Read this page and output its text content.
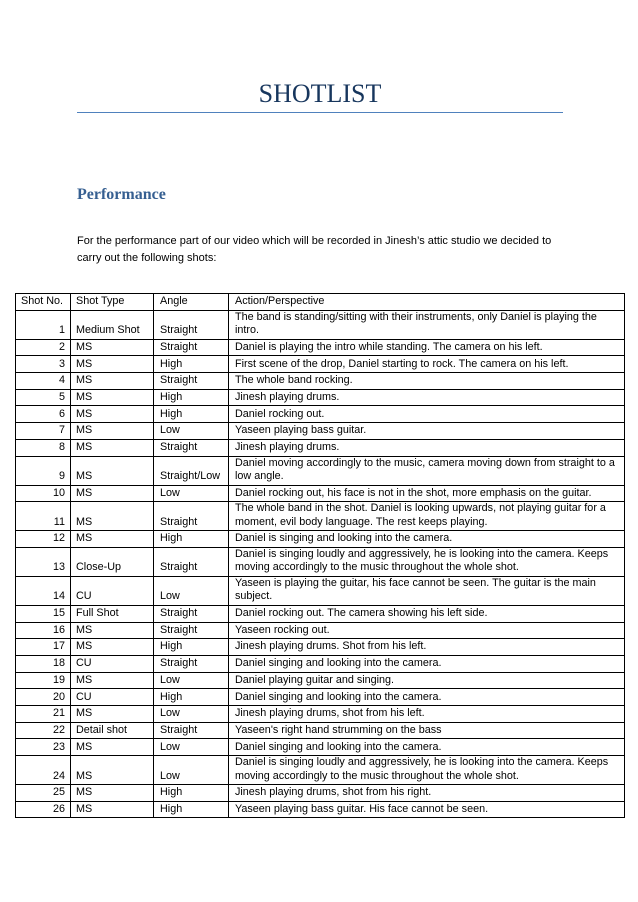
SHOTLIST
Performance

For the performance part of our video which will be recorded in Jinesh’s attic studio we decided to carry out the following shots:

Shot No.	Shot Type	Angle	Action/Perspective
1	Medium Shot	Straight	The band is standing/sitting with their instruments, only Daniel is playing the intro.
2	MS	Straight	Daniel is playing the intro while standing. The camera on his left.
3	MS	High	First scene of the drop, Daniel starting to rock. The camera on his left.
4	MS	Straight	The whole band rocking.
5	MS	High	Jinesh playing drums.
6	MS	High	Daniel rocking out.
7	MS	Low	Yaseen playing bass guitar.
8	MS	Straight	Jinesh playing drums.
9	MS	Straight/Low	Daniel moving accordingly to the music, camera moving down from straight to a low angle.
10	MS	Low	Daniel rocking out, his face is not in the shot, more emphasis on the guitar.
11	MS	Straight	The whole band in the shot. Daniel is looking upwards, not playing guitar for a moment, evil body language. The rest keeps playing.
12	MS	High	Daniel is singing and looking into the camera.
13	Close-Up	Straight	Daniel is singing loudly and aggressively, he is looking into the camera. Keeps moving accordingly to the music throughout the whole shot.
14	CU	Low	Yaseen is playing the guitar, his face cannot be seen. The guitar is the main subject.
15	Full Shot	Straight	Daniel rocking out. The camera showing his left side.
16	MS	Straight	Yaseen rocking out.
17	MS	High	Jinesh playing drums. Shot from his left.
18	CU	Straight	Daniel singing and looking into the camera.
19	MS	Low	Daniel playing guitar and singing.
20	CU	High	Daniel singing and looking into the camera.
21	MS	Low	Jinesh playing drums, shot from his left.
22	Detail shot	Straight	Yaseen's right hand strumming on the bass
23	MS	Low	Daniel singing and looking into the camera.
24	MS	Low	Daniel is singing loudly and aggressively, he is looking into the camera. Keeps moving accordingly to the music throughout the whole shot.
25	MS	High	Jinesh playing drums, shot from his right.
26	MS	High	Yaseen playing bass guitar. His face cannot be seen.
